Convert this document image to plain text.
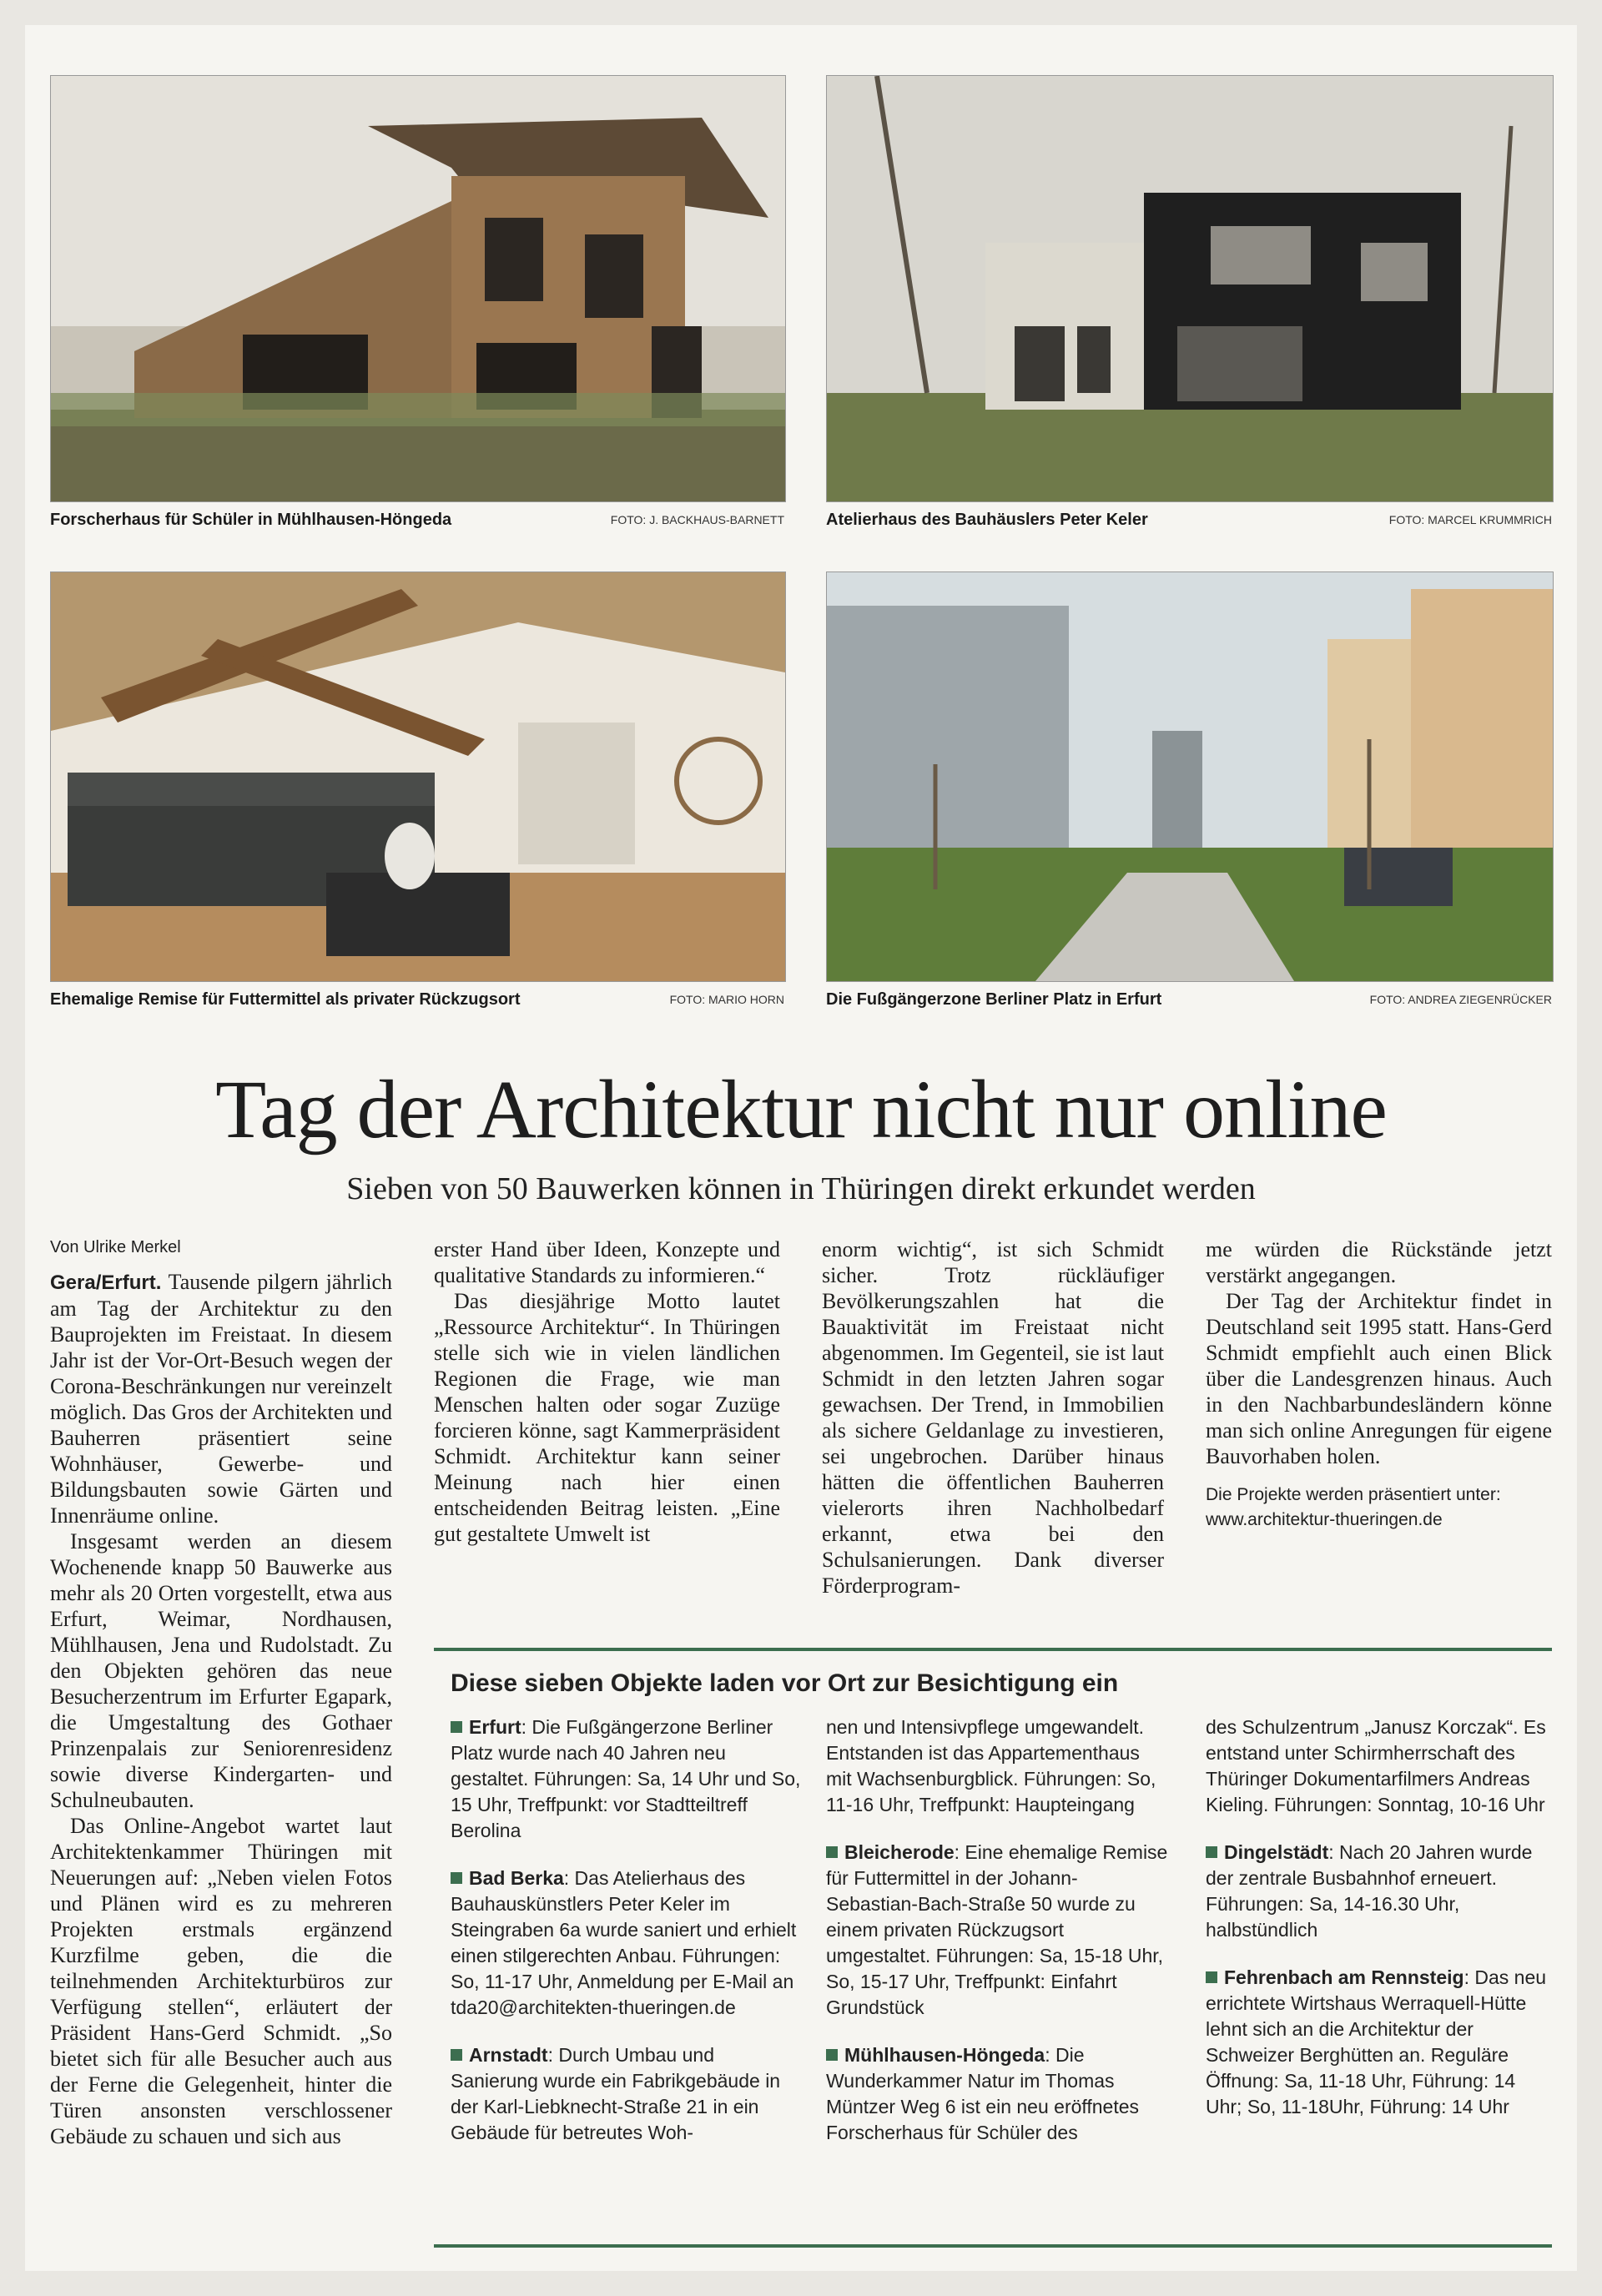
Forscherhaus für Schüler in Mühlhausen-Höngeda	FOTO: J. BACKHAUS-BARNETT	Atelierhaus des Bauhäuslers Peter Keler	FOTO: MARCEL KRUMMRICH
Ehemalige Remise für Futtermittel als privater Rückzugsort	FOTO: MARIO HORN	Die Fußgängerzone Berliner Platz in Erfurt	FOTO: ANDREA ZIEGENRÜCKER
Tag der Architektur nicht nur online
Sieben von 50 Bauwerken können in Thüringen direkt erkundet werden
Von Ulrike Merkel

Gera/Erfurt. Tausende pilgern jährlich am Tag der Architektur zu den Bauprojekten im Freistaat. In diesem Jahr ist der Vor-Ort-Besuch wegen der Corona-Beschränkungen nur vereinzelt möglich. Das Gros der Architekten und Bauherren präsentiert seine Wohnhäuser, Gewerbe- und Bildungsbauten sowie Gärten und Innenräume online.

Insgesamt werden an diesem Wochenende knapp 50 Bauwerke aus mehr als 20 Orten vorgestellt, etwa aus Erfurt, Weimar, Nordhausen, Mühlhausen, Jena und Rudolstadt. Zu den Objekten gehören das neue Besucherzentrum im Erfurter Egapark, die Umgestaltung des Gothaer Prinzenpalais zur Seniorenresidenz sowie diverse Kindergarten- und Schulneubauten.

Das Online-Angebot wartet laut Architektenkammer Thüringen mit Neuerungen auf: „Neben vielen Fotos und Plänen wird es zu mehreren Projekten erstmals ergänzend Kurzfilme geben, die die teilnehmenden Architekturbüros zur Verfügung stellen“, erläutert der Präsident Hans-Gerd Schmidt. „So bietet sich für alle Besucher auch aus der Ferne die Gelegenheit, hinter die Türen ansonsten verschlossener Gebäude zu schauen und sich aus

erster Hand über Ideen, Konzepte und qualitative Standards zu informieren.“

Das diesjährige Motto lautet „Ressource Architektur“. In Thüringen stelle sich wie in vielen ländlichen Regionen die Frage, wie man Menschen halten oder sogar Zuzüge forcieren könne, sagt Kammerpräsident Schmidt. Architektur kann seiner Meinung nach hier einen entscheidenden Beitrag leisten. „Eine gut gestaltete Umwelt ist

enorm wichtig“, ist sich Schmidt sicher. Trotz rückläufiger Bevölkerungszahlen hat die Bauaktivität im Freistaat nicht abgenommen. Im Gegenteil, sie ist laut Schmidt in den letzten Jahren sogar gewachsen. Der Trend, in Immobilien als sichere Geldanlage zu investieren, sei ungebrochen. Darüber hinaus hätten die öffentlichen Bauherren vielerorts ihren Nachholbedarf erkannt, etwa bei den Schulsanierungen. Dank diverser Förderprogram-

me würden die Rückstände jetzt verstärkt angegangen.

Der Tag der Architektur findet in Deutschland seit 1995 statt. Hans-Gerd Schmidt empfiehlt auch einen Blick über die Landesgrenzen hinaus. Auch in den Nachbarbundesländern könne man sich online Anregungen für eigene Bauvorhaben holen.

Die Projekte werden präsentiert unter:
www.architektur-thueringen.de
Diese sieben Objekte laden vor Ort zur Besichtigung ein
Erfurt: Die Fußgängerzone Berliner Platz wurde nach 40 Jahren neu gestaltet. Führungen: Sa, 14 Uhr und So, 15 Uhr, Treffpunkt: vor Stadtteiltreff Berolina
Bad Berka: Das Atelierhaus des Bauhauskünstlers Peter Keler im Steingraben 6a wurde saniert und erhielt einen stilgerechten Anbau. Führungen: So, 11-17 Uhr, Anmeldung per E-Mail an tda20@architekten-thueringen.de
Arnstadt: Durch Umbau und Sanierung wurde ein Fabrikgebäude in der Karl-Liebknecht-Straße 21 in ein Gebäude für betreutes Woh-
nen und Intensivpflege umgewandelt. Entstanden ist das Appartementhaus mit Wachsenburgblick. Führungen: So, 11-16 Uhr, Treffpunkt: Haupteingang
Bleicherode: Eine ehemalige Remise für Futtermittel in der Johann-Sebastian-Bach-Straße 50 wurde zu einem privaten Rückzugsort umgestaltet. Führungen: Sa, 15-18 Uhr, So, 15-17 Uhr, Treffpunkt: Einfahrt Grundstück
Mühlhausen-Höngeda: Die Wunderkammer Natur im Thomas Müntzer Weg 6 ist ein neu eröffnetes Forscherhaus für Schüler des
des Schulzentrum „Janusz Korczak“. Es entstand unter Schirmherrschaft des Thüringer Dokumentarfilmers Andreas Kieling. Führungen: Sonntag, 10-16 Uhr
Dingelstädt: Nach 20 Jahren wurde der zentrale Busbahnhof erneuert. Führungen: Sa, 14-16.30 Uhr, halbstündlich
Fehrenbach am Rennsteig: Das neu errichtete Wirtshaus Werraquell-Hütte lehnt sich an die Architektur der Schweizer Berghütten an. Reguläre Öffnung: Sa, 11-18 Uhr, Führung: 14 Uhr; So, 11-18Uhr, Führung: 14 Uhr
